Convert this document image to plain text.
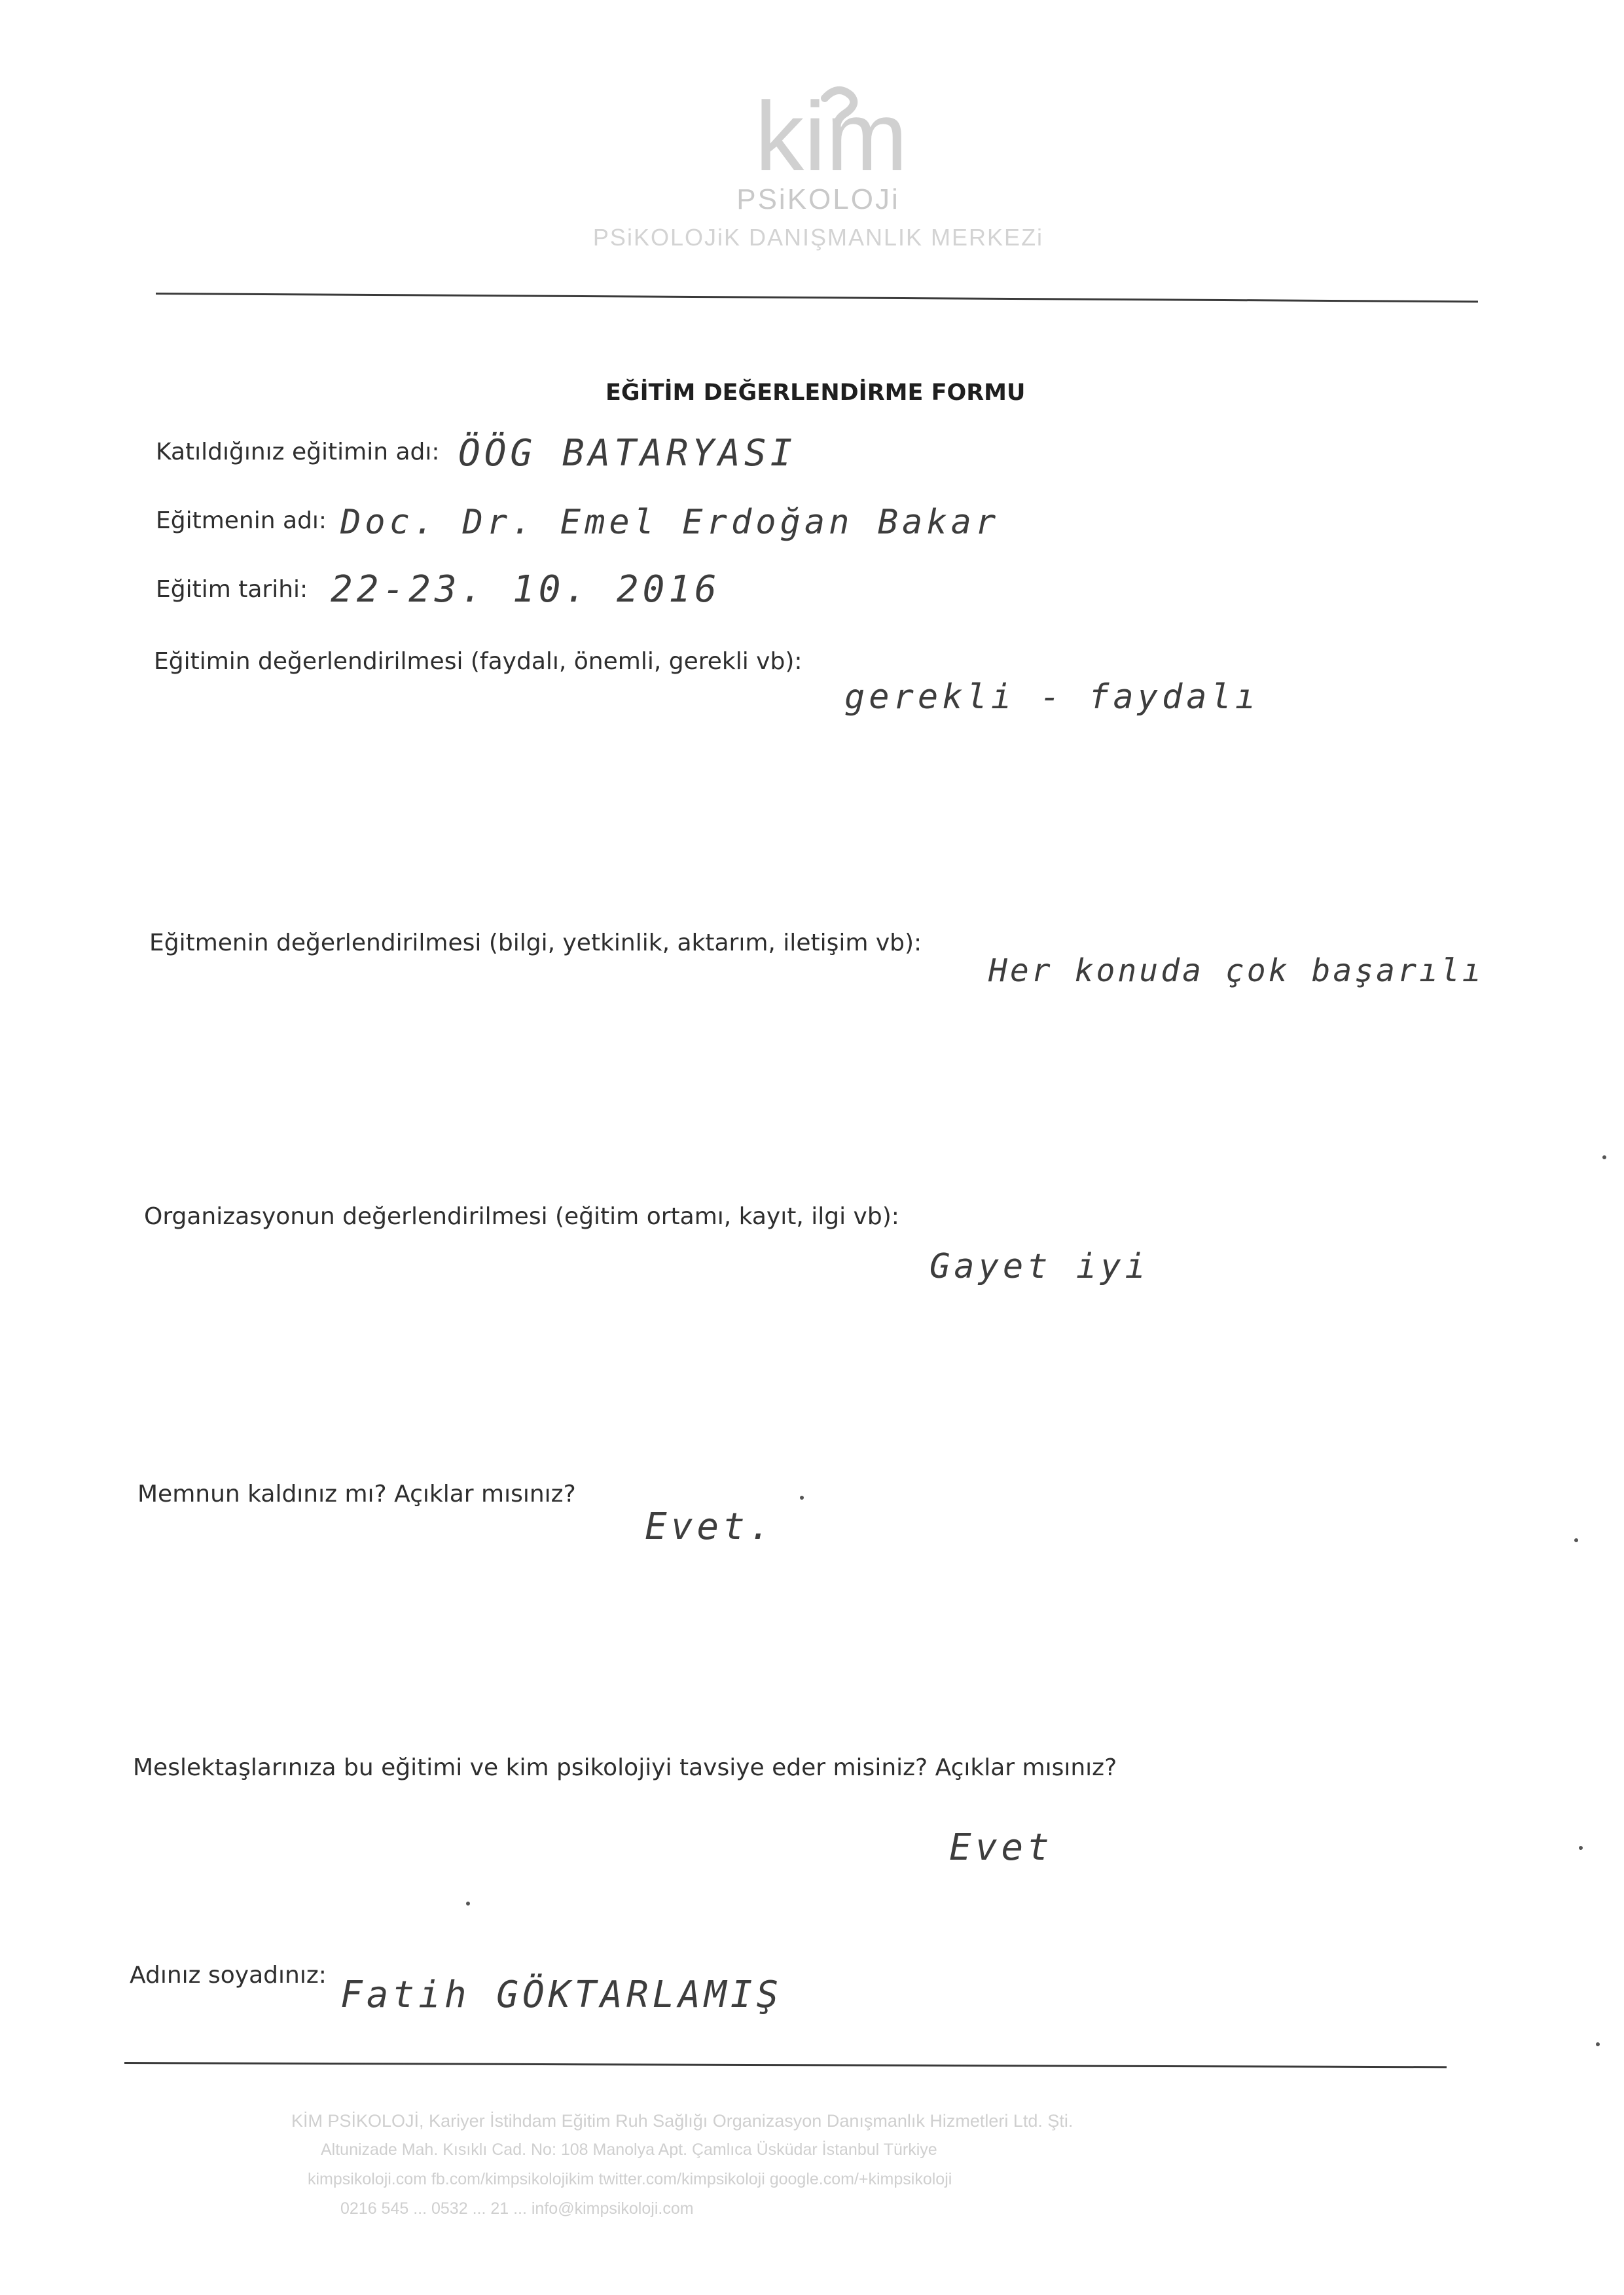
kim
PSiKOLOJi
PSiKOLOJiK DANIŞMANLIK MERKEZi
EĞİTİM DEĞERLENDİRME FORMU
Katıldığınız eğitimin adı: ÖÖG BATARYASI
Eğitmenin adı: Doc. Dr. Emel Erdoğan Bakar
Eğitim tarihi: 22-23. 10. 2016
Eğitimin değerlendirilmesi (faydalı, önemli, gerekli vb):
gerekli - faydalı
Eğitmenin değerlendirilmesi (bilgi, yetkinlik, aktarım, iletişim vb):
Her konuda çok başarılı
Organizasyonun değerlendirilmesi (eğitim ortamı, kayıt, ilgi vb):
Gayet iyi
Memnun kaldınız mı? Açıklar mısınız?
Evet.
Meslektaşlarınıza bu eğitimi ve kim psikolojiyi tavsiye eder misiniz? Açıklar mısınız?
Evet
Adınız soyadınız: Fatih GÖKTARLAMIŞ
KİM PSİKOLOJİ, Kariyer İstihdam Eğitim Ruh Sağlığı Organizasyon Danışmanlık Hizmetleri Ltd. Şti.
Altunizade Mah. Kısıklı Cad. No: 108 Manolya Apt. Çamlıca Üsküdar İstanbul Türkiye
kimpsikoloji.com fb.com/kimpsikolojikim twitter.com/kimpsikoloji google.com/+kimpsikoloji
0216 545 ... 0532 ... 21 ... info@kimpsikoloji.com
